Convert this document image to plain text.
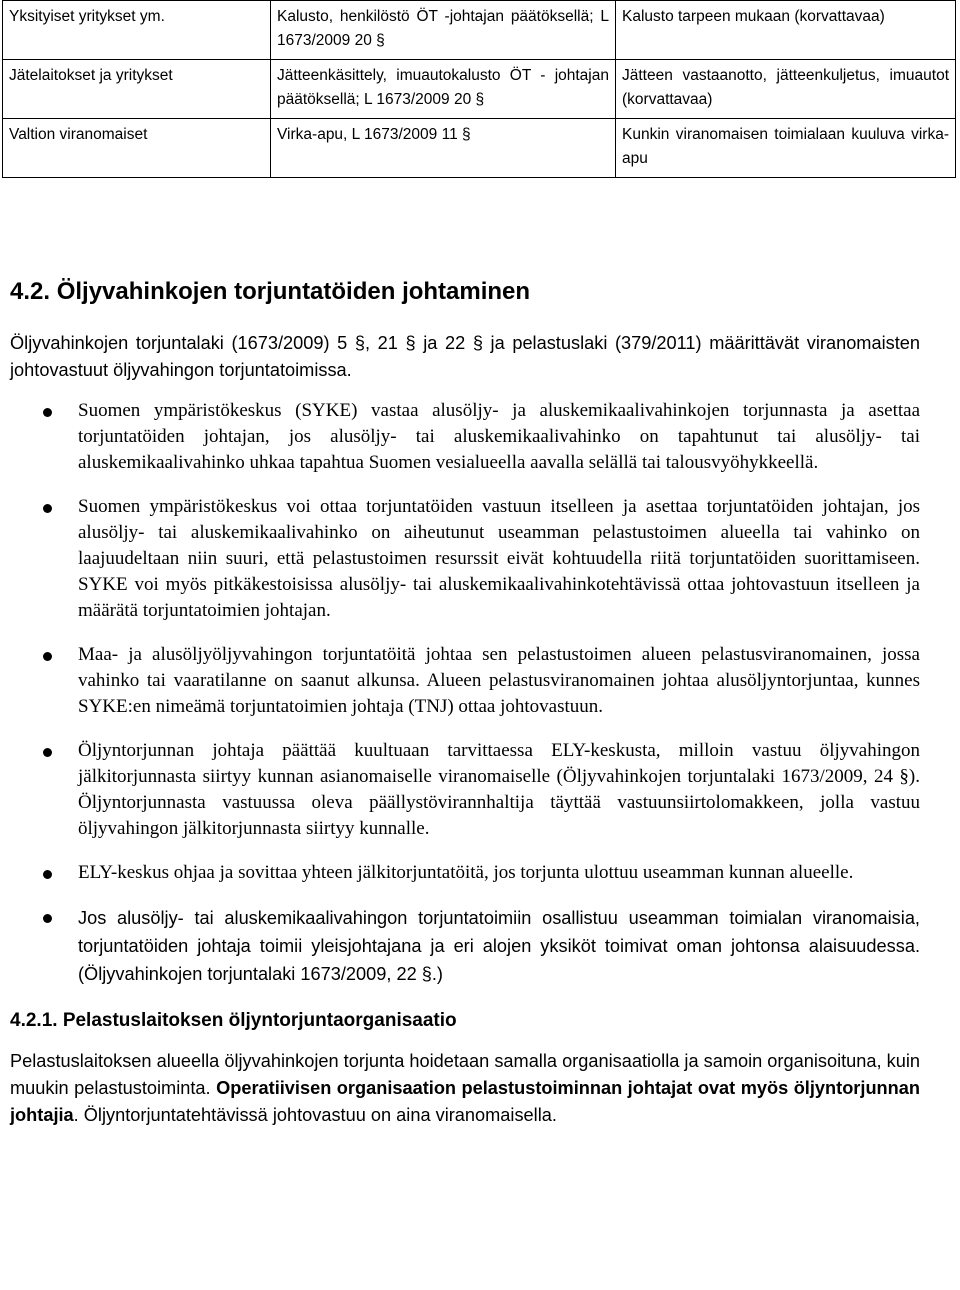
Yksityiset yritykset ym.	Kalusto, henkilöstö ÖT -johtajan päätöksellä; L 1673/2009 20 §	Kalusto tarpeen mukaan (korvattavaa)
Jätelaitokset ja yritykset	Jätteenkäsittely, imuautokalusto ÖT - johtajan päätöksellä; L 1673/2009 20 §	Jätteen vastaanotto, jätteenkuljetus, imuautot (korvattavaa)
Valtion viranomaiset	Virka-apu, L 1673/2009 11 §	Kunkin viranomaisen toimialaan kuuluva virka-apu
4.2. Öljyvahinkojen torjuntatöiden johtaminen

Öljyvahinkojen torjuntalaki (1673/2009) 5 §, 21 § ja 22 § ja pelastuslaki (379/2011) määrittävät viranomaisten johtovastuut öljyvahingon torjuntatoimissa.

Suomen ympäristökeskus (SYKE) vastaa alusöljy- ja aluskemikaalivahinkojen torjunnasta ja asettaa torjuntatöiden johtajan, jos alusöljy- tai aluskemikaalivahinko on tapahtunut tai alusöljy- tai aluskemikaalivahinko uhkaa tapahtua Suomen vesialueella aavalla selällä tai talousvyöhykkeellä.
Suomen ympäristökeskus voi ottaa torjuntatöiden vastuun itselleen ja asettaa torjuntatöiden johtajan, jos alusöljy- tai aluskemikaalivahinko on aiheutunut useamman pelastustoimen alueella tai vahinko on laajuudeltaan niin suuri, että pelastustoimen resurssit eivät kohtuudella riitä torjuntatöiden suorittamiseen. SYKE voi myös pitkäkestoisissa alusöljy- tai aluskemikaalivahinkotehtävissä ottaa johtovastuun itselleen ja määrätä torjuntatoimien johtajan.
Maa- ja alusöljyöljyvahingon torjuntatöitä johtaa sen pelastustoimen alueen pelastusviranomainen, jossa vahinko tai vaaratilanne on saanut alkunsa. Alueen pelastusviranomainen johtaa alusöljyntorjuntaa, kunnes SYKE:en nimeämä torjuntatoimien johtaja (TNJ) ottaa johtovastuun.
Öljyntorjunnan johtaja päättää kuultuaan tarvittaessa ELY-keskusta, milloin vastuu öljyvahingon jälkitorjunnasta siirtyy kunnan asianomaiselle viranomaiselle (Öljyvahinkojen torjuntalaki 1673/2009, 24 §). Öljyntorjunnasta vastuussa oleva päällystövirannhaltija täyttää vastuunsiirtolomakkeen, jolla vastuu öljyvahingon jälkitorjunnasta siirtyy kunnalle.
ELY-keskus ohjaa ja sovittaa yhteen jälkitorjuntatöitä, jos torjunta ulottuu useamman kunnan alueelle.
Jos alusöljy- tai aluskemikaalivahingon torjuntatoimiin osallistuu useamman toimialan viranomaisia, torjuntatöiden johtaja toimii yleisjohtajana ja eri alojen yksiköt toimivat oman johtonsa alaisuudessa. (Öljyvahinkojen torjuntalaki 1673/2009, 22 §.)
4.2.1. Pelastuslaitoksen öljyntorjuntaorganisaatio

Pelastuslaitoksen alueella öljyvahinkojen torjunta hoidetaan samalla organisaatiolla ja samoin organisoituna, kuin muukin pelastustoiminta. Operatiivisen organisaation pelastustoiminnan johtajat ovat myös öljyntorjunnan johtajia. Öljyntorjuntatehtävissä johtovastuu on aina viranomaisella.
